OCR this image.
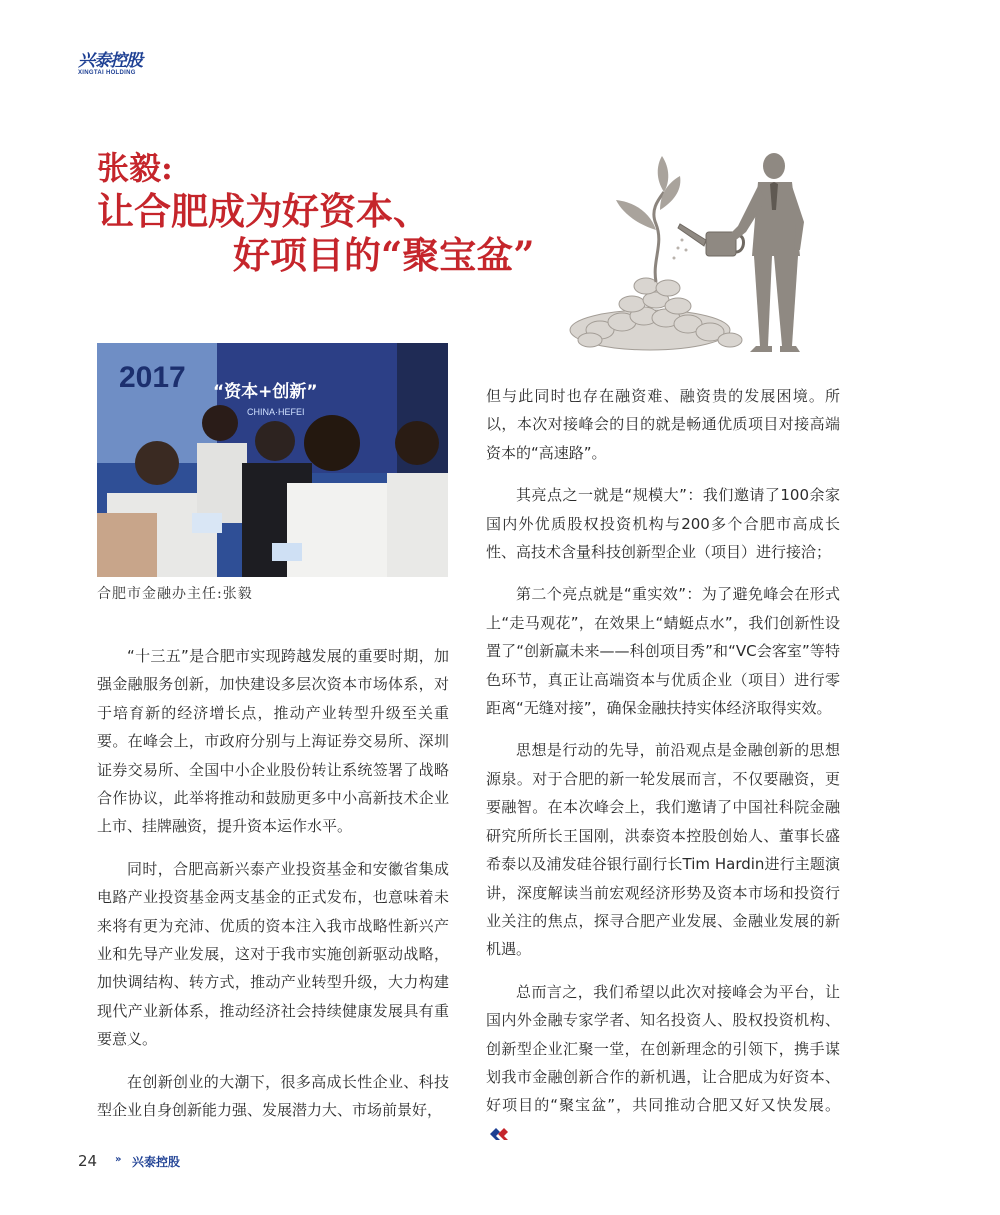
兴泰控股
XINGTAI HOLDING
张毅:
让合肥成为好资本、
好项目的“聚宝盆”
2017 “资本+创新”
CHINA·HEFEI
合肥市金融办主任:张毅

“十三五”是合肥市实现跨越发展的重要时期，加强金融服务创新，加快建设多层次资本市场体系，对于培育新的经济增长点，推动产业转型升级至关重要。在峰会上，市政府分别与上海证券交易所、深圳证券交易所、全国中小企业股份转让系统签署了战略合作协议，此举将推动和鼓励更多中小高新技术企业上市、挂牌融资，提升资本运作水平。

同时，合肥高新兴泰产业投资基金和安徽省集成电路产业投资基金两支基金的正式发布，也意味着未来将有更为充沛、优质的资本注入我市战略性新兴产业和先导产业发展，这对于我市实施创新驱动战略，加快调结构、转方式，推动产业转型升级，大力构建现代产业新体系，推动经济社会持续健康发展具有重要意义。

在创新创业的大潮下，很多高成长性企业、科技型企业自身创新能力强、发展潜力大、市场前景好，

但与此同时也存在融资难、融资贵的发展困境。所以，本次对接峰会的目的就是畅通优质项目对接高端资本的“高速路”。

其亮点之一就是“规模大”：我们邀请了100余家国内外优质股权投资机构与200多个合肥市高成长性、高技术含量科技创新型企业（项目）进行接洽；

第二个亮点就是“重实效”：为了避免峰会在形式上“走马观花”，在效果上“蜻蜓点水”，我们创新性设置了“创新赢未来——科创项目秀”和“VC会客室”等特色环节，真正让高端资本与优质企业（项目）进行零距离“无缝对接”，确保金融扶持实体经济取得实效。

思想是行动的先导，前沿观点是金融创新的思想源泉。对于合肥的新一轮发展而言，不仅要融资，更要融智。在本次峰会上，我们邀请了中国社科院金融研究所所长王国刚，洪泰资本控股创始人、董事长盛希泰以及浦发硅谷银行副行长Tim Hardin进行主题演讲，深度解读当前宏观经济形势及资本市场和投资行业关注的焦点，探寻合肥产业发展、金融业发展的新机遇。

总而言之，我们希望以此次对接峰会为平台，让国内外金融专家学者、知名投资人、股权投资机构、创新型企业汇聚一堂，在创新理念的引领下，携手谋划我市金融创新合作的新机遇，让合肥成为好资本、好项目的“聚宝盆”，共同推动合肥又好又快发展。

24 » 兴泰控股
